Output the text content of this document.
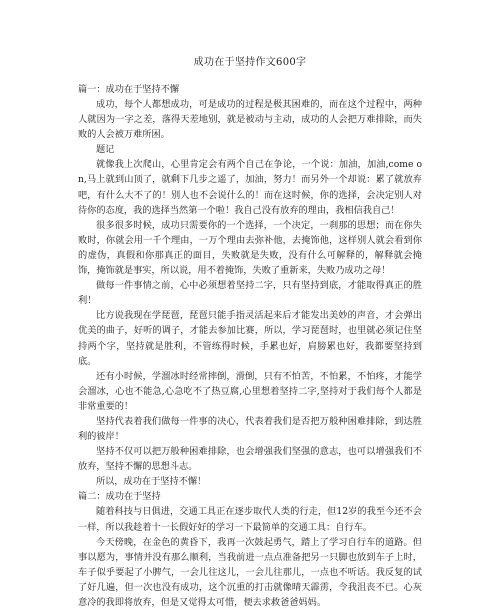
成功在于坚持作文600字
篇一：成功在于坚持不懈

成功，每个人都想成功，可是成功的过程是极其困难的，而在这个过程中，两种人就因为一字之差，落得天差地别，就是被动与主动，成功的人会把万难排除，而失败的人会被万难所困。

题记

就像我上次爬山，心里肯定会有两个自己在争论，一个说：加油，加油,come on,马上就到山顶了，就剩下几步之遥了，加油，努力！而另外一个却说：累了就放弃吧，有什么大不了的！别人也不会说什么的！而在这时候，你的选择，会决定别人对待你的态度，我的选择当然第一个啦！我自己没有放弃的理由，我相信我自己！

很多很多时候，成功只需要你的一个选择，一个决定，一刹那的思想；而在你失败时，你就会用一千个理由，一万个理由去弥补他，去掩饰他，这样别人就会看到你的虚伪，真假和你那真正的面目，失败就是失败，没有什么可解释的，解释就会掩饰，掩饰就是事实，所以说，用不着掩饰，失败了重新来，失败乃成功之母！

做每一件事情之前，心中必须想着坚持二字，只有坚持到底，才能取得真正的胜利！

比方说我现在学琵琶，琵琶只能手指灵活起来后才能发出美妙的声音，才会弹出优美的曲子，好听的调子，才能去参加比赛，所以，学习琵琶时，也里就必须记住坚持两个字，坚持就是胜利，不管练得时候，手累也好，肩膀累也好，我都要坚持到底。

还有小时候，学溜冰时经常摔倒，滑倒，只有不怕苦，不怕累，不怕疼，才能学会溜冰，心也不能急,心急吃不了热豆腐,心里想着坚持二字,坚持对于我们每个人都是非常重要的！

坚持代表着我们做每一件事的决心，代表着我们是否把万般种困难排除，到达胜利的彼岸！

坚持不仅可以把万般种困难排除，也会增强我们坚强的意志，也可以增强我们不放弃，坚持不懈的思想斗志。

所以，成功在于坚持不懈！

篇二：成功在于坚持

随着科技与日俱进，交通工具正在逐步取代人类的行走，但12岁的我至今还不会一样，所以我趁着十一长假好好的学习一下最简单的交通工具：自行车。

今天傍晚，在金色的黄昏下，我再一次鼓起勇气，踏上了学习自行车的道路。但事以愿为，事情并没有那么顺利，当我前进一点点准备把另一只脚也放到车子上时，车子似乎要起了小脾气，一会儿往这儿，一会儿往那儿，一点也不听话。我反复的试了好几遍，但一次也没有成功，这个沉重的打击就像晴天霹雳，令我沮丧不已。心灰意冷的我即将放弃，但是又觉得太可惜，便去求救爸爸妈妈。
